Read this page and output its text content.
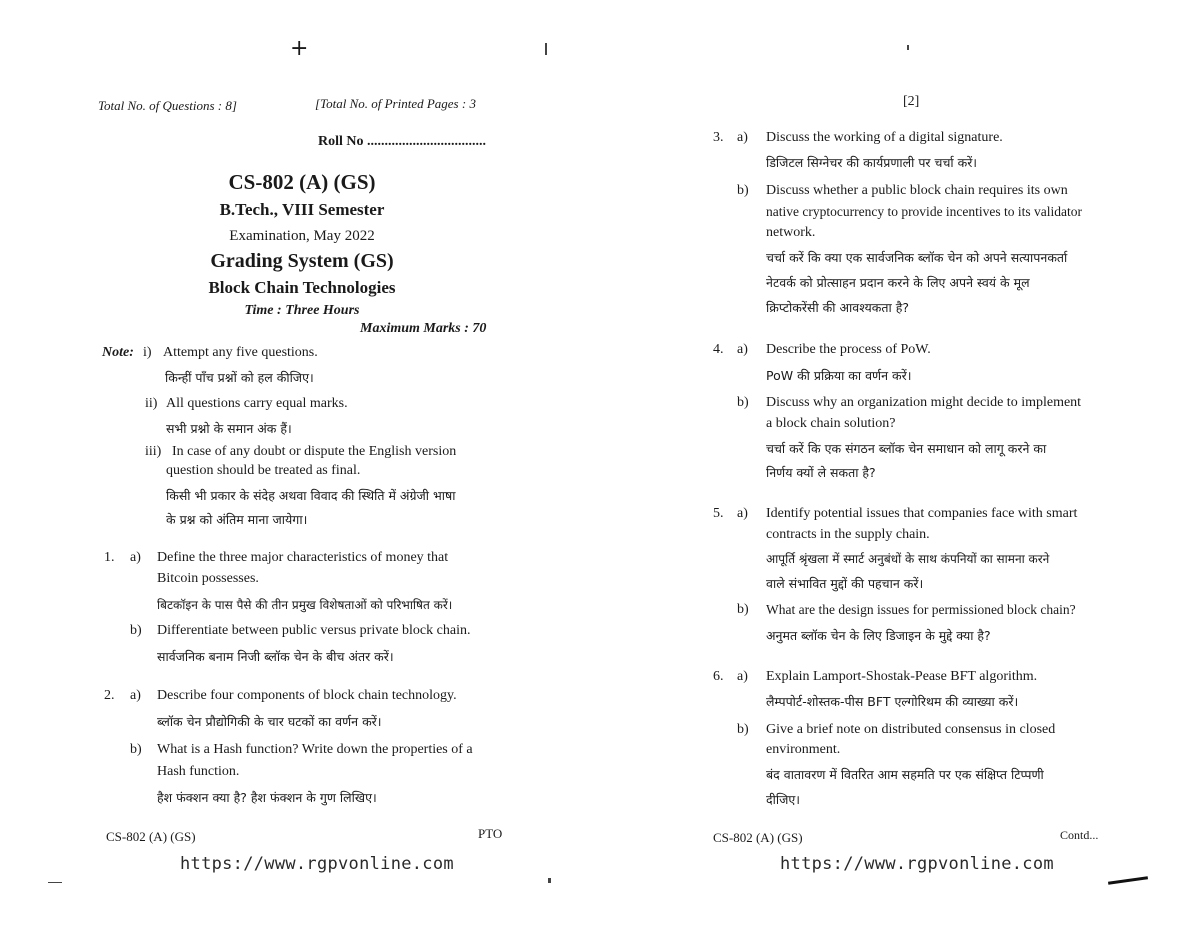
+
Total No. of Questions : 8]	[Total No. of Printed Pages : 3
Roll No ..................................
CS-802 (A) (GS)
B.Tech., VIII Semester
Examination, May 2022
Grading System (GS)
Block Chain Technologies
Time : Three Hours
Maximum Marks : 70
Note: i) Attempt any five questions.
किन्हीं पाँच प्रश्नों को हल कीजिए।
ii) All questions carry equal marks.
सभी प्रश्नो के समान अंक हैं।
iii) In case of any doubt or dispute the English version
question should be treated as final.
किसी भी प्रकार के संदेह अथवा विवाद की स्थिति में अंग्रेजी भाषा
के प्रश्न को अंतिम माना जायेगा।
1. a) Define the three major characteristics of money that
Bitcoin possesses.
बिटकॉइन के पास पैसे की तीन प्रमुख विशेषताओं को परिभाषित करें।
b) Differentiate between public versus private block chain.
सार्वजनिक बनाम निजी ब्लॉक चेन के बीच अंतर करें।
2. a) Describe four components of block chain technology.
ब्लॉक चेन प्रौद्योगिकी के चार घटकों का वर्णन करें।
b) What is a Hash function? Write down the properties of a
Hash function.
हैश फंक्शन क्या है? हैश फंक्शन के गुण लिखिए।
CS-802 (A) (GS)	PTO
https://www.rgpvonline.com
[2]
3. a) Discuss the working of a digital signature.
डिजिटल सिग्नेचर की कार्यप्रणाली पर चर्चा करें।
b) Discuss whether a public block chain requires its own
native cryptocurrency to provide incentives to its validator
network.
चर्चा करें कि क्या एक सार्वजनिक ब्लॉक चेन को अपने सत्यापनकर्ता
नेटवर्क को प्रोत्साहन प्रदान करने के लिए अपने स्वयं के मूल
क्रिप्टोकरेंसी की आवश्यकता है?
4. a) Describe the process of PoW.
PoW की प्रक्रिया का वर्णन करें।
b) Discuss why an organization might decide to implement
a block chain solution?
चर्चा करें कि एक संगठन ब्लॉक चेन समाधान को लागू करने का
निर्णय क्यों ले सकता है?
5. a) Identify potential issues that companies face with smart
contracts in the supply chain.
आपूर्ति श्रृंखला में स्मार्ट अनुबंधों के साथ कंपनियों का सामना करने
वाले संभावित मुद्दों की पहचान करें।
b) What are the design issues for permissioned block chain?
अनुमत ब्लॉक चेन के लिए डिजाइन के मुद्दे क्या है?
6. a) Explain Lamport-Shostak-Pease BFT algorithm.
लैम्पपोर्ट-शोस्तक-पीस BFT एल्गोरिथम की व्याख्या करें।
b) Give a brief note on distributed consensus in closed
environment.
बंद वातावरण में वितरित आम सहमति पर एक संक्षिप्त टिप्पणी
दीजिए।
CS-802 (A) (GS)	Contd...
https://www.rgpvonline.com
